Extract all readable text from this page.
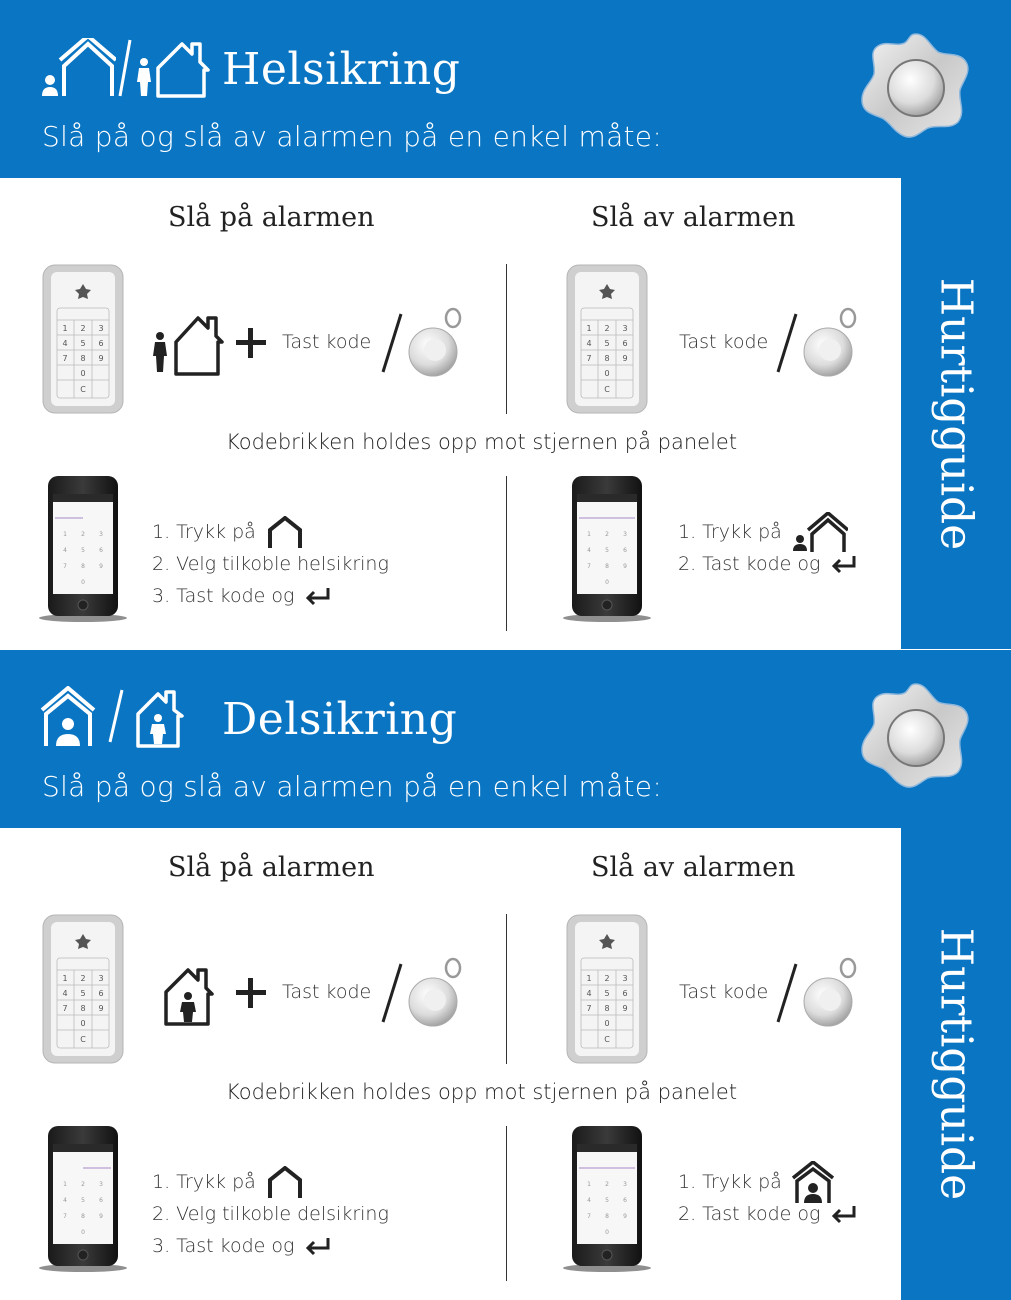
Helsikring
Slå på og slå av alarmen på en enkel måte:
Hurtigguide
Slå på alarmen	Slå av alarmen
1 2 3
4 5 6
7 8 9
0
C
Tast kode
1 2 3
4 5 6
7 8 9
0
C
Tast kode
Kodebrikken holdes opp mot stjernen på panelet
1 2 3
4 5 6
7 8 9
0
1. Trykk på
2. Velg tilkoble helsikring
3. Tast kode og
1 2 3
4 5 6
7 8 9
0
1. Trykk på
2. Tast kode og
Delsikring
Slå på og slå av alarmen på en enkel måte:
Hurtigguide
Slå på alarmen	Slå av alarmen
1 2 3
4 5 6
7 8 9
0
C
Tast kode
1 2 3
4 5 6
7 8 9
0
C
Tast kode
Kodebrikken holdes opp mot stjernen på panelet
1 2 3
4 5 6
7 8 9
0
1. Trykk på
2. Velg tilkoble delsikring
3. Tast kode og
1 2 3
4 5 6
7 8 9
0
1. Trykk på
2. Tast kode og
